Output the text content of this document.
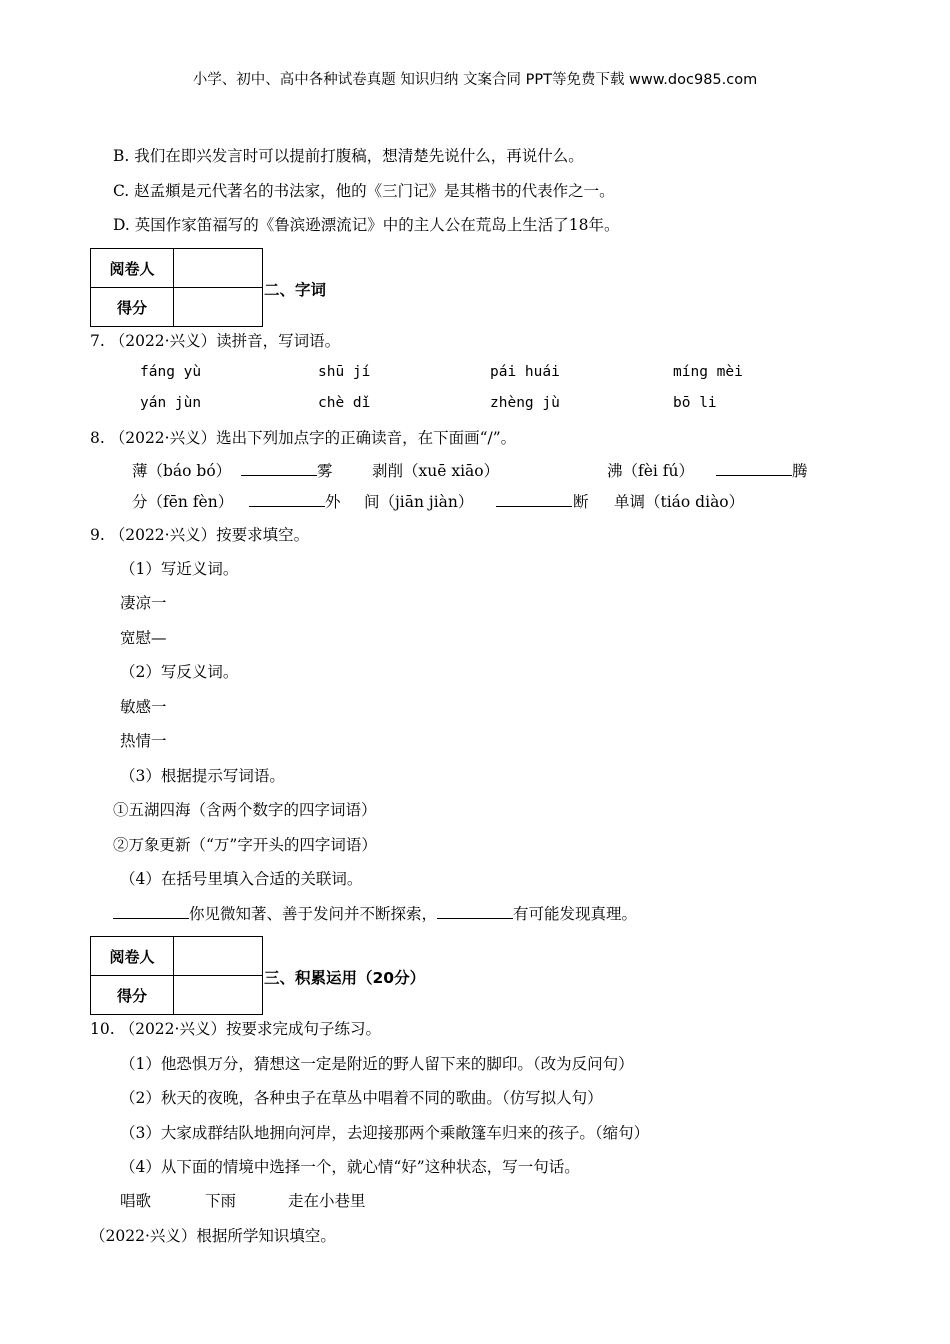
小学、初中、高中各种试卷真题 知识归纳 文案合同 PPT等免费下载 www.doc985.com
B. 我们在即兴发言时可以提前打腹稿，想清楚先说什么，再说什么。
C. 赵孟頫是元代著名的书法家，他的《三门记》是其楷书的代表作之一。
D. 英国作家笛福写的《鲁滨逊漂流记》中的主人公在荒岛上生活了18年。
阅卷人	
得分	
二、字词
7. （2022·兴义）读拼音，写词语。
fáng yù	shū jí	pái huái	míng mèi
yán jùn	chè dǐ	zhèng jù	bō li
8. （2022·兴义）选出下列加点字的正确读音，在下面画“/”。
薄（báo bó）	雾	剥削（xuē xiāo）	沸（fèi fú）	腾
分（fēn fèn）	外 间（jiān jiàn）	断 单调（tiáo diào）
9. （2022·兴义）按要求填空。
（1）写近义词。
凄凉一
宽慰—
（2）写反义词。
敏感一
热情一
（3）根据提示写词语。
①五湖四海（含两个数字的四字词语）
②万象更新（“万”字开头的四字词语）
（4）在括号里填入合适的关联词。
你见微知著、善于发问并不断探索，	有可能发现真理。
阅卷人	
得分	
三、积累运用（20分）
10. （2022·兴义）按要求完成句子练习。
（1）他恐惧万分，猜想这一定是附近的野人留下来的脚印。（改为反问句）
（2）秋天的夜晚，各种虫子在草丛中唱着不同的歌曲。（仿写拟人句）
（3）大家成群结队地拥向河岸，去迎接那两个乘敞篷车归来的孩子。（缩句）
（4）从下面的情境中选择一个，就心情“好”这种状态，写一句话。
唱歌	下雨	走在小巷里
（2022·兴义）根据所学知识填空。
